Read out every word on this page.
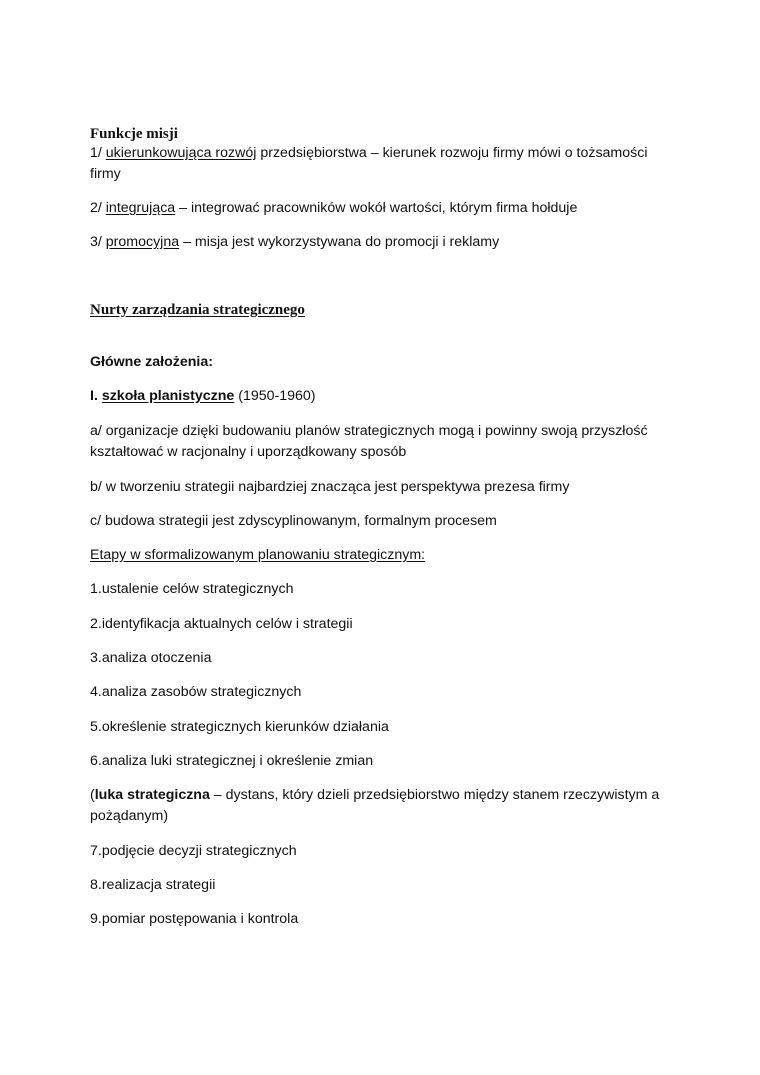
Funkcje misji
1/ ukierunkowująca rozwój przedsiębiorstwa – kierunek rozwoju firmy mówi o tożsamości
firmy
2/ integrująca – integrować pracowników wokół wartości, którym firma hołduje
3/ promocyjna – misja jest wykorzystywana do promocji i reklamy
Nurty zarządzania strategicznego
Główne założenia:
I. szkoła planistyczne (1950-1960)
a/ organizacje dzięki budowaniu planów strategicznych mogą i powinny swoją przyszłość
kształtować w racjonalny i uporządkowany sposób
b/ w tworzeniu strategii najbardziej znacząca jest perspektywa prezesa firmy
c/ budowa strategii jest zdyscyplinowanym, formalnym procesem
Etapy w sformalizowanym planowaniu strategicznym:
1.ustalenie celów strategicznych
2.identyfikacja aktualnych celów i strategii
3.analiza otoczenia
4.analiza zasobów strategicznych
5.określenie strategicznych kierunków działania
6.analiza luki strategicznej i określenie zmian
(luka strategiczna – dystans, który dzieli przedsiębiorstwo między stanem rzeczywistym a
pożądanym)
7.podjęcie decyzji strategicznych
8.realizacja strategii
9.pomiar postępowania i kontrola
